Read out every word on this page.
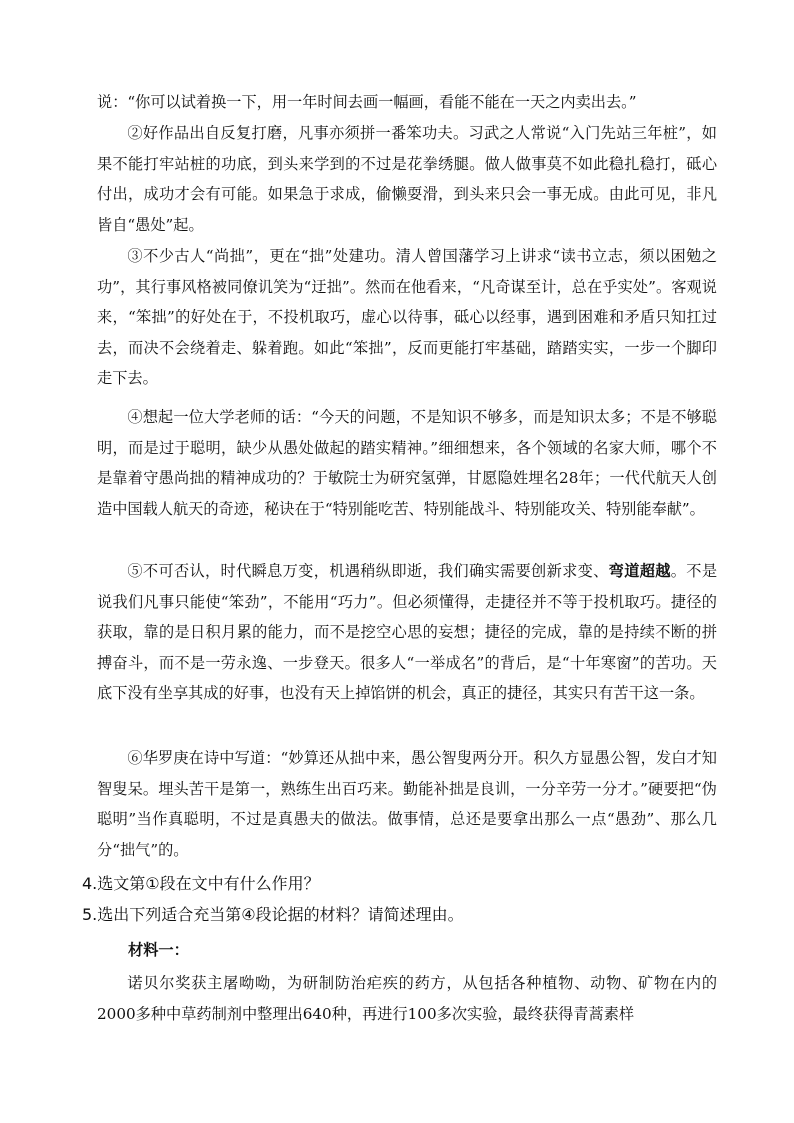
说：“你可以试着换一下，用一年时间去画一幅画，看能不能在一天之内卖出去。”

②好作品出自反复打磨，凡事亦须拼一番笨功夫。习武之人常说“入门先站三年桩”，如果不能打牢站桩的功底，到头来学到的不过是花拳绣腿。做人做事莫不如此稳扎稳打，砥心付出，成功才会有可能。如果急于求成，偷懒耍滑，到头来只会一事无成。由此可见，非凡皆自“愚处”起。

③不少古人“尚拙”，更在“拙”处建功。清人曾国藩学习上讲求“读书立志，须以困勉之功”，其行事风格被同僚讥笑为“迂拙”。然而在他看来，“凡奇谋至计，总在乎实处”。客观说来，“笨拙”的好处在于，不投机取巧，虚心以待事，砥心以经事，遇到困难和矛盾只知扛过去，而决不会绕着走、躲着跑。如此“笨拙”，反而更能打牢基础，踏踏实实，一步一个脚印走下去。

④想起一位大学老师的话：“今天的问题，不是知识不够多，而是知识太多；不是不够聪明，而是过于聪明，缺少从愚处做起的踏实精神。”细细想来，各个领域的名家大师，哪个不是靠着守愚尚拙的精神成功的？于敏院士为研究氢弹，甘愿隐姓埋名28年；一代代航天人创造中国载人航天的奇迹，秘诀在于“特别能吃苦、特别能战斗、特别能攻关、特别能奉献”。

⑤不可否认，时代瞬息万变，机遇稍纵即逝，我们确实需要创新求变、弯道超越。不是说我们凡事只能使“笨劲”，不能用“巧力”。但必须懂得，走捷径并不等于投机取巧。捷径的获取，靠的是日积月累的能力，而不是挖空心思的妄想；捷径的完成，靠的是持续不断的拼搏奋斗，而不是一劳永逸、一步登天。很多人“一举成名”的背后，是“十年寒窗”的苦功。天底下没有坐享其成的好事，也没有天上掉馅饼的机会，真正的捷径，其实只有苦干这一条。

⑥华罗庚在诗中写道：“妙算还从拙中来，愚公智叟两分开。积久方显愚公智，发白才知智叟呆。埋头苦干是第一，熟练生出百巧来。勤能补拙是良训，一分辛劳一分才。”硬要把“伪聪明”当作真聪明，不过是真愚夫的做法。做事情，总还是要拿出那么一点“愚劲”、那么几分“拙气”的。

4.选文第①段在文中有什么作用？

5.选出下列适合充当第④段论据的材料？请简述理由。

材料一：

诺贝尔奖获主屠呦呦，为研制防治疟疾的药方，从包括各种植物、动物、矿物在内的2000多种中草药制剂中整理出640种，再进行100多次实验，最终获得青蒿素样
